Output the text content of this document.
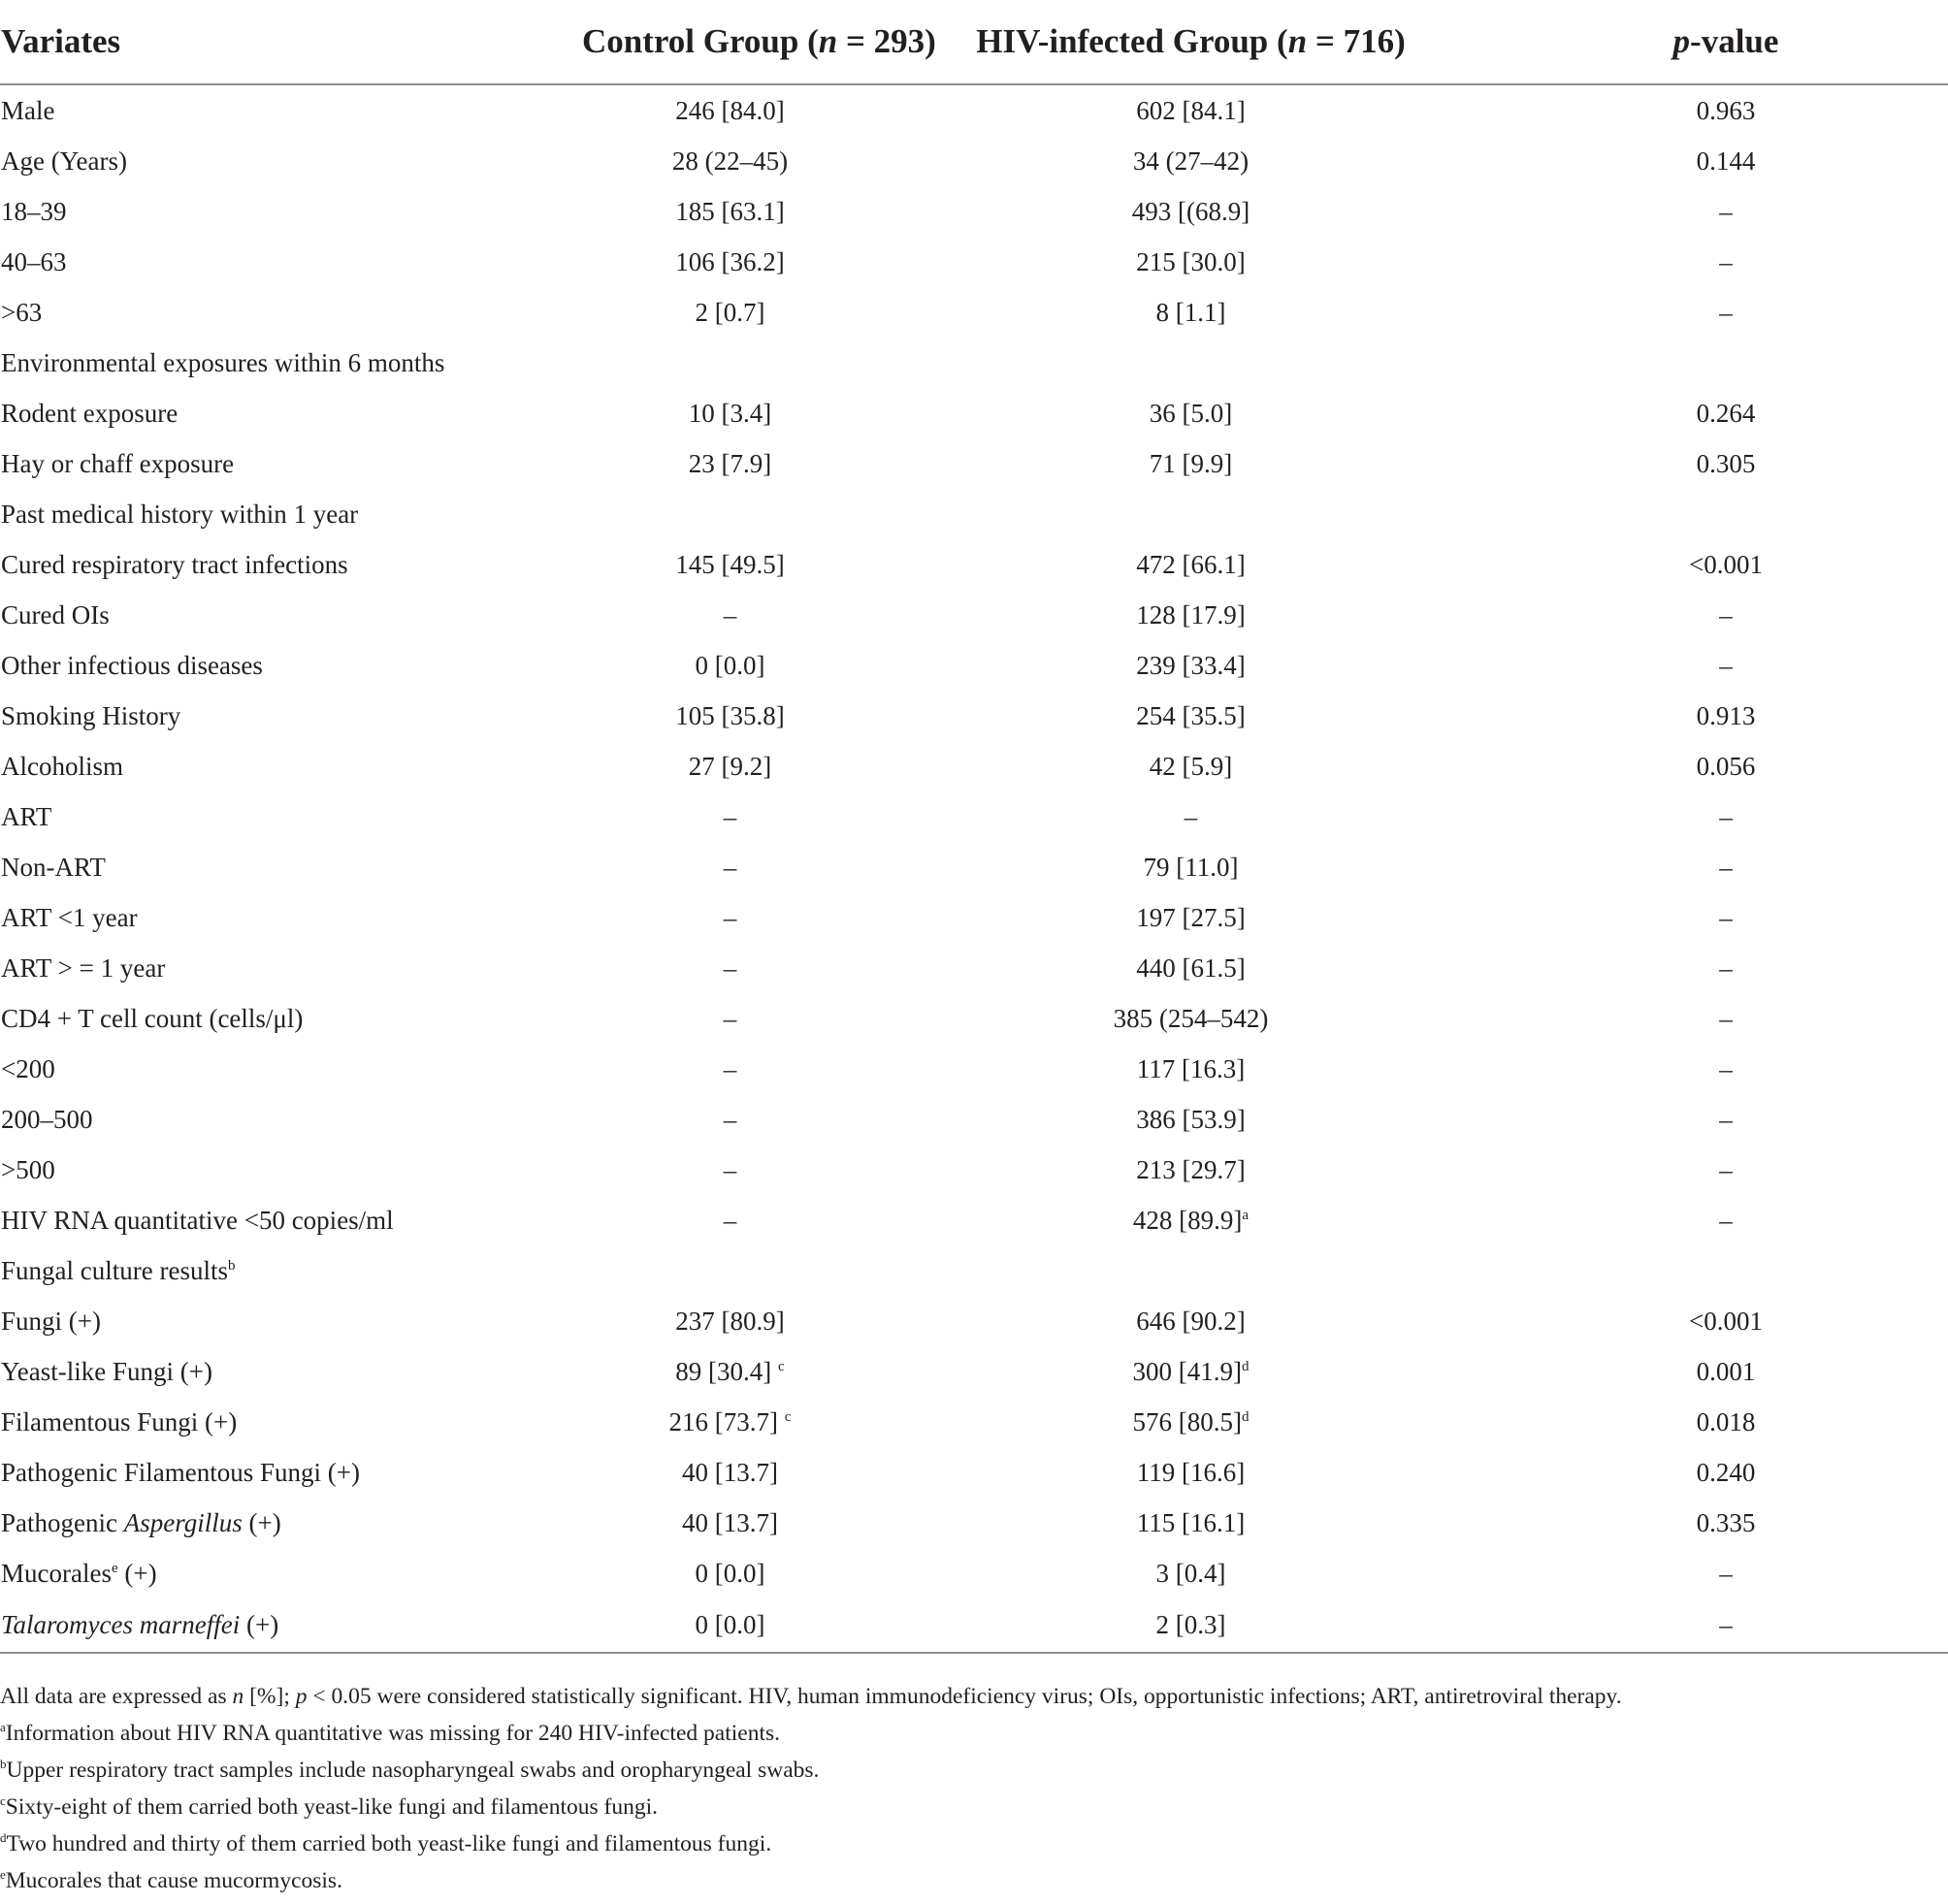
Variates	Control Group (n = 293)	HIV-infected Group (n = 716)	p-value
Male	246 [84.0]	602 [84.1]	0.963
Age (Years)	28 (22–45)	34 (27–42)	0.144
18–39	185 [63.1]	493 [(68.9]	–
40–63	106 [36.2]	215 [30.0]	–
>63	2 [0.7]	8 [1.1]	–
Environmental exposures within 6 months			
Rodent exposure	10 [3.4]	36 [5.0]	0.264
Hay or chaff exposure	23 [7.9]	71 [9.9]	0.305
Past medical history within 1 year			
Cured respiratory tract infections	145 [49.5]	472 [66.1]	<0.001
Cured OIs	–	128 [17.9]	–
Other infectious diseases	0 [0.0]	239 [33.4]	–
Smoking History	105 [35.8]	254 [35.5]	0.913
Alcoholism	27 [9.2]	42 [5.9]	0.056
ART	–	–	–
Non-ART	–	79 [11.0]	–
ART <1 year	–	197 [27.5]	–
ART > = 1 year	–	440 [61.5]	–
CD4 + T cell count (cells/μl)	–	385 (254–542)	–
<200	–	117 [16.3]	–
200–500	–	386 [53.9]	–
>500	–	213 [29.7]	–
HIV RNA quantitative <50 copies/ml	–	428 $[89.9]^a$	–
Fungal culture results$^b$			
Fungi (+)	237 [80.9]	646 [90.2]	<0.001
Yeast-like Fungi (+)	89 [30.4] $^c$	300 $[41.9]^d$	0.001
Filamentous Fungi (+)	216 [73.7] $^c$	576 $[80.5]^d$	0.018
Pathogenic Filamentous Fungi (+)	40 [13.7]	119 [16.6]	0.240
Pathogenic Aspergillus (+)	40 [13.7]	115 [16.1]	0.335
Mucorales$^e$ (+)	0 [0.0]	3 [0.4]	–
Talaromyces marneffei (+)	0 [0.0]	2 [0.3]	–
All data are expressed as n [%]; p < 0.05 were considered statistically significant. HIV, human immunodeficiency virus; OIs, opportunistic infections; ART, antiretroviral therapy.
$^a$Information about HIV RNA quantitative was missing for 240 HIV-infected patients.
$^b$Upper respiratory tract samples include nasopharyngeal swabs and oropharyngeal swabs.
$^c$Sixty-eight of them carried both yeast-like fungi and filamentous fungi.
$^d$Two hundred and thirty of them carried both yeast-like fungi and filamentous fungi.
$^e$Mucorales that cause mucormycosis.
